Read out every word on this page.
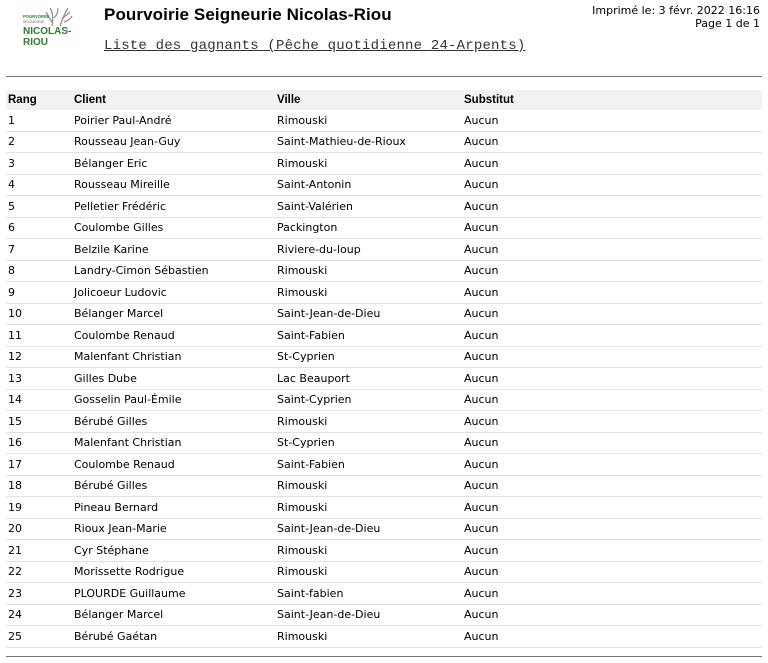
POURVOIRIE
SEIGNEURIE
NICOLAS-
RIOU
Pourvoirie Seigneurie Nicolas-Riou
Liste des gagnants (Pêche quotidienne 24-Arpents)
Imprimé le: 3 févr. 2022 16:16
Page 1 de 1
Rang	Client	Ville	Substitut
1	Poirier Paul-André	Rimouski	Aucun
2	Rousseau Jean-Guy	Saint-Mathieu-de-Rioux	Aucun
3	Bélanger Eric	Rimouski	Aucun
4	Rousseau Mireille	Saint-Antonin	Aucun
5	Pelletier Frédéric	Saint-Valérien	Aucun
6	Coulombe Gilles	Packington	Aucun
7	Belzile Karine	Riviere-du-loup	Aucun
8	Landry-Cimon Sébastien	Rimouski	Aucun
9	Jolicoeur Ludovic	Rimouski	Aucun
10	Bélanger Marcel	Saint-Jean-de-Dieu	Aucun
11	Coulombe Renaud	Saint-Fabien	Aucun
12	Malenfant Christian	St-Cyprien	Aucun
13	Gilles Dube	Lac Beauport	Aucun
14	Gosselin Paul-Émile	Saint-Cyprien	Aucun
15	Bérubé Gilles	Rimouski	Aucun
16	Malenfant Christian	St-Cyprien	Aucun
17	Coulombe Renaud	Saint-Fabien	Aucun
18	Bérubé Gilles	Rimouski	Aucun
19	Pineau Bernard	Rimouski	Aucun
20	Rioux Jean-Marie	Saint-Jean-de-Dieu	Aucun
21	Cyr Stéphane	Rimouski	Aucun
22	Morissette Rodrigue	Rimouski	Aucun
23	PLOURDE Guillaume	Saint-fabien	Aucun
24	Bélanger Marcel	Saint-Jean-de-Dieu	Aucun
25	Bérubé Gaétan	Rimouski	Aucun
